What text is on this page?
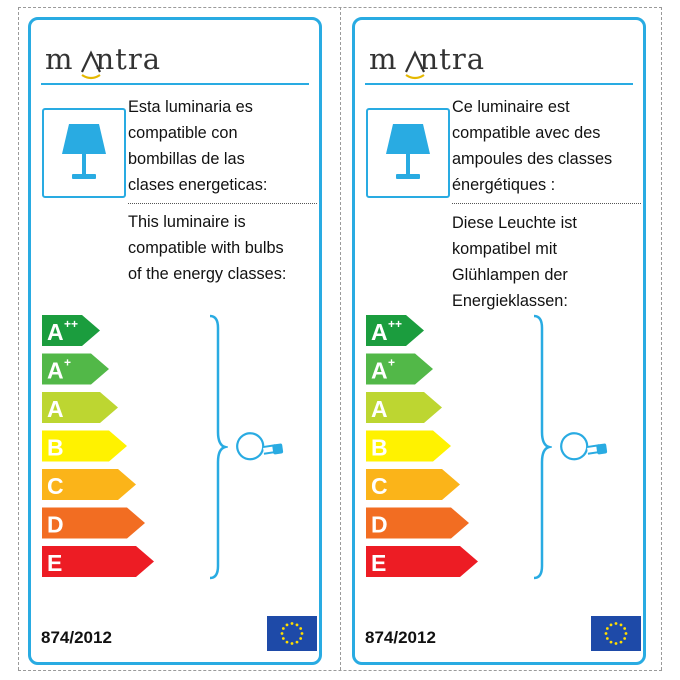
m ntra
Esta luminaria es
compatible con
bombillas de las
clases energeticas:
This luminaire is
compatible with bulbs
of the energy classes:
A ++
A +
A
B
C
D
E
874/2012
m ntra
Ce luminaire est
compatible avec des
ampoules des classes
énergétiques :
Diese Leuchte ist
kompatibel mit
Glühlampen der
Energieklassen:
A ++
A +
A
B
C
D
E
874/2012
